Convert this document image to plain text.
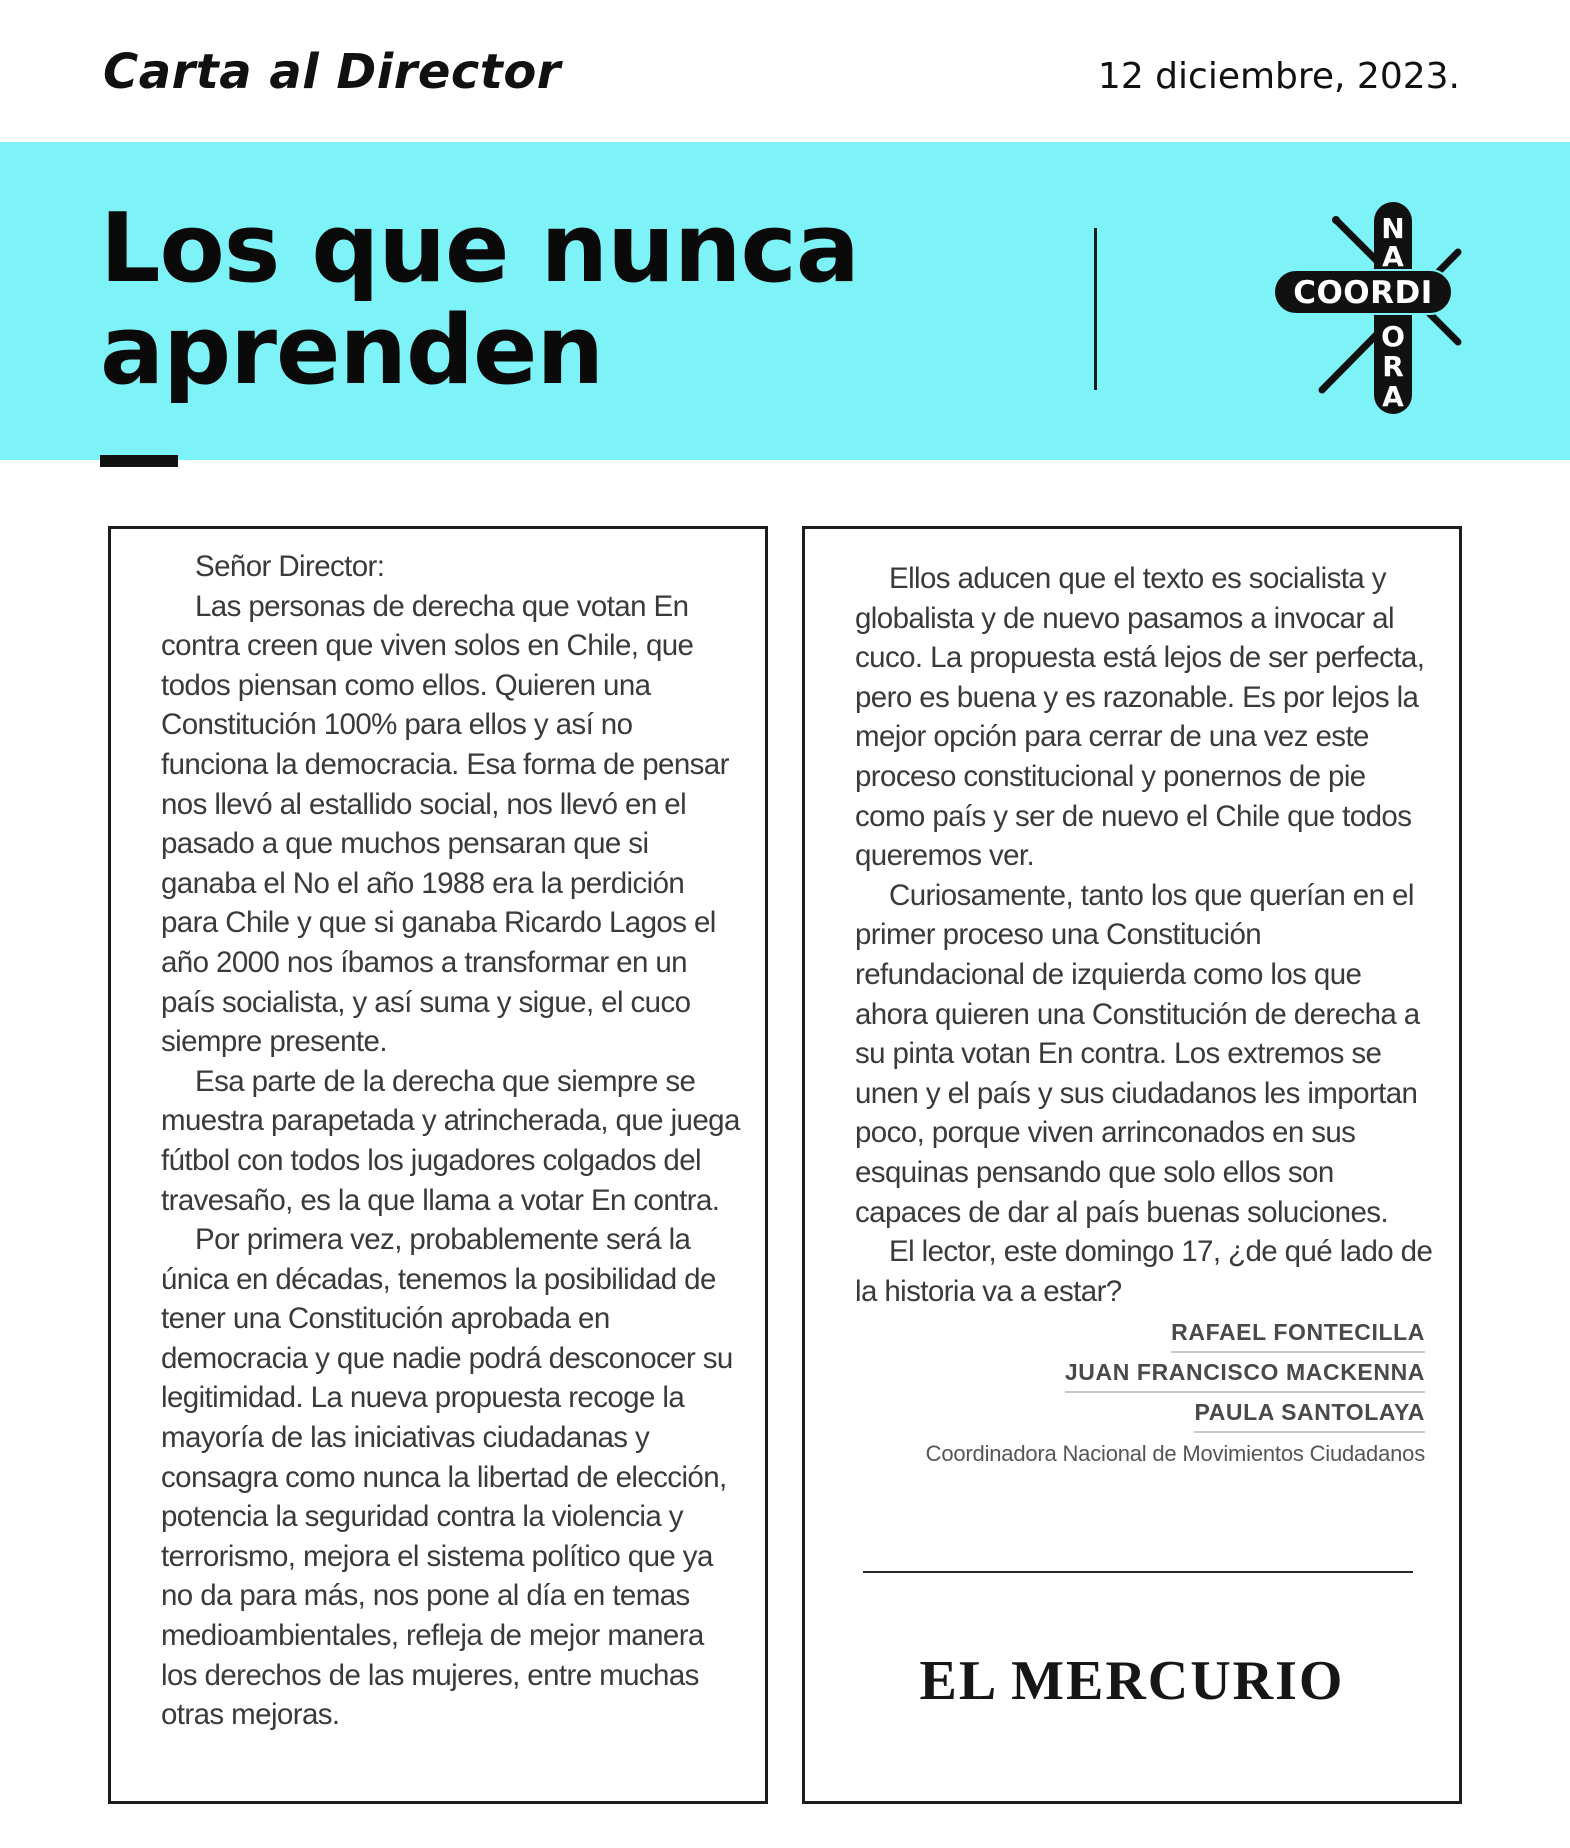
Carta al Director	12 diciembre, 2023.
Los que nunca
aprenden
N
A
COORDI
O
R
A

Señor Director:

Las personas de derecha que votan En contra creen que viven solos en Chile, que todos piensan como ellos. Quieren una Constitución 100% para ellos y así no funciona la democracia. Esa forma de pensar nos llevó al estallido social, nos llevó en el pasado a que muchos pensaran que si ganaba el No el año 1988 era la perdición para Chile y que si ganaba Ricardo Lagos el año 2000 nos íbamos a transformar en un país socialista, y así suma y sigue, el cuco siempre presente.

Esa parte de la derecha que siempre se muestra parapetada y atrincherada, que juega fútbol con todos los jugadores colgados del travesaño, es la que llama a votar En contra.

Por primera vez, probablemente será la única en décadas, tenemos la posibilidad de tener una Constitución aprobada en democracia y que nadie podrá desconocer su legitimidad. La nueva propuesta recoge la mayoría de las iniciativas ciudadanas y consagra como nunca la libertad de elección, potencia la seguridad contra la violencia y terrorismo, mejora el sistema político que ya no da para más, nos pone al día en temas medioambientales, refleja de mejor manera los derechos de las mujeres, entre muchas otras mejoras.

Ellos aducen que el texto es socialista y globalista y de nuevo pasamos a invocar al cuco. La propuesta está lejos de ser perfecta, pero es buena y es razonable. Es por lejos la mejor opción para cerrar de una vez este proceso constitucional y ponernos de pie como país y ser de nuevo el Chile que todos queremos ver.

Curiosamente, tanto los que querían en el primer proceso una Constitución refundacional de izquierda como los que ahora quieren una Constitución de derecha a su pinta votan En contra. Los extremos se unen y el país y sus ciudadanos les importan poco, porque viven arrinconados en sus esquinas pensando que solo ellos son capaces de dar al país buenas soluciones.

El lector, este domingo 17, ¿de qué lado de la historia va a estar?

RAFAEL FONTECILLA
JUAN FRANCISCO MACKENNA
PAULA SANTOLAYA
Coordinadora Nacional de Movimientos Ciudadanos
EL MERCURIO
